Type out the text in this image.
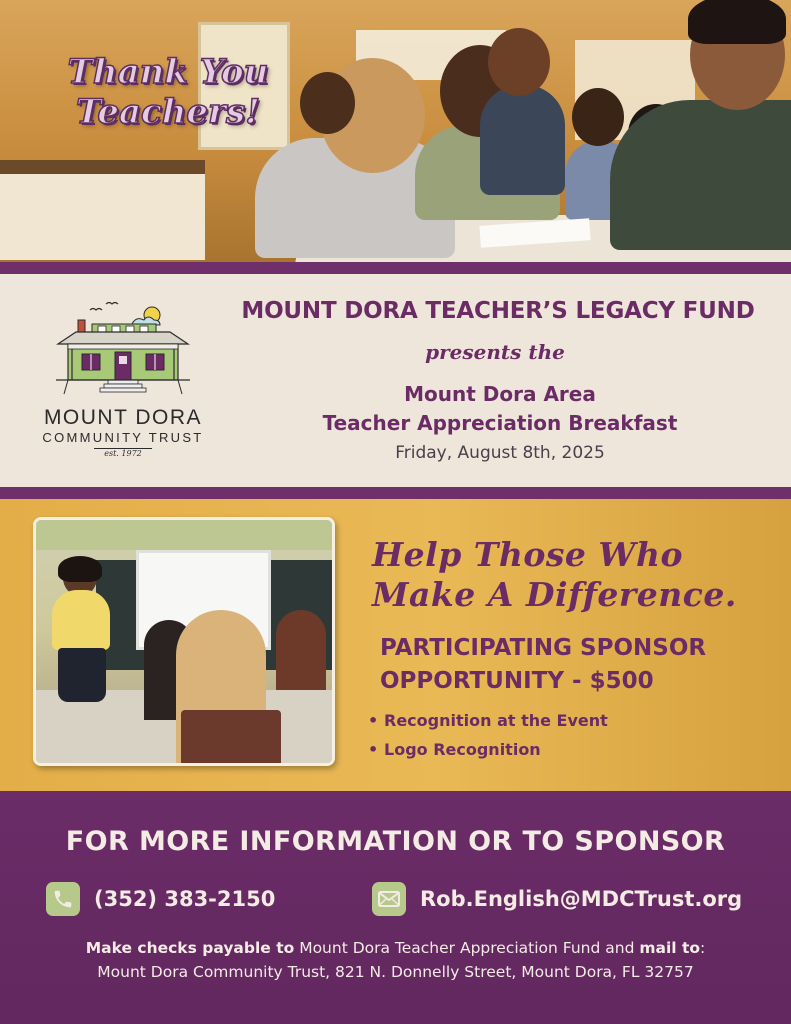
Thank You
Teachers!
MOUNT DORA
COMMUNITY TRUST
est. 1972
MOUNT DORA TEACHER’S LEGACY FUND
presents the
Mount Dora Area
Teacher Appreciation Breakfast
Friday, August 8th, 2025
Help Those Who
Make A Difference.
PARTICIPATING SPONSOR
OPPORTUNITY - $500
• Recognition at the Event
• Logo Recognition
FOR MORE INFORMATION OR TO SPONSOR
(352) 383-2150	Rob.English@MDCTrust.org
Make checks payable to Mount Dora Teacher Appreciation Fund and mail to:
Mount Dora Community Trust, 821 N. Donnelly Street, Mount Dora, FL 32757
